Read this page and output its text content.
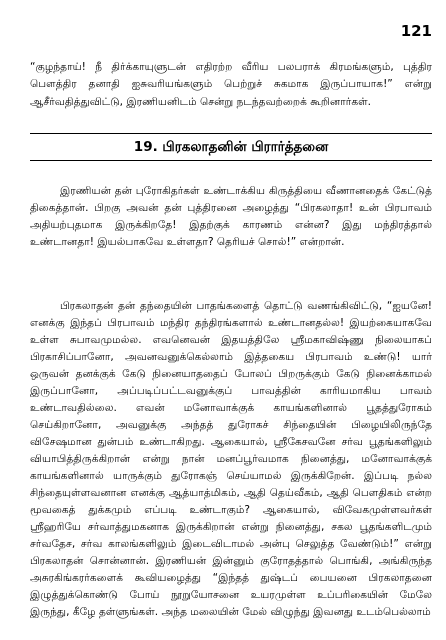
121

“குழந்தாய்! நீ திர்க்காயுளுடன் எதிரற்ற வீரிய பலபராக் கிரமங்களும், புத்திர பௌத்திர தனாதி ஐசுவரியங்களும் பெற்றுச் சுகமாக இருப்பாயாக!” என்று ஆசீர்வதித்துவிட்டு, இரணியனிடம் சென்று நடந்தவற்றைக் கூறினார்கள்.

19. பிரகலாதனின் பிரார்த்தனை

இரணியன் தன் புரோகிதர்கள் உண்டாக்கிய கிருத்தியை வீணானதைக் கேட்டுத் திகைத்தான். பிறகு அவன் தன் புத்திரனை அழைத்து “பிரகலாதா! உன் பிரபாவம் அதியற்புதமாக இருக்கிறதே! இதற்குக் காரணம் என்ன? இது மந்திரத்தால் உண்டானதா! இயல்பாகவே உள்ளதா? தெரியச் சொல்!” என்றான்.

பிரகலாதன் தன் தந்தையின் பாதங்களைத் தொட்டு வணங்கிவிட்டு, “ஐயனே! எனக்கு இந்தப் பிரபாவம் மந்திர தந்திரங்களால் உண்டானதல்ல! இயற்கையாகவே உள்ள சுபாவமுமல்ல. எவனெவன் இதயத்திலே ஸ்ரீமகாவிஷ்ணு நிலையாகப் பிரகாசிப்பானோ, அவனவனுக்கெல்லாம் இத்தகைய பிரபாவம் உண்டு! யார் ஒருவன் தனக்குக் கேடு நினையாததைப் போலப் பிறருக்கும் கேடு நினைக்காமல் இருப்பானோ, அப்படிப்பட்டவனுக்குப் பாவத்தின் காரியமாகிய பாவம் உண்டாவதில்லை. எவன் மனோவாக்குக் காயங்களினால் பூதத்துரோகம் செய்கிறானோ, அவனுக்கு அந்தத் துரோகச் சிந்தையின் பிழையிலிருந்தே விசேஷமான துன்பம் உண்டாகிறது. ஆகையால், ஸ்ரீகேசவனே சர்வ பூதங்களிலும் வியாபித்திருக்கிறான் என்று நான் மனப்பூர்வமாக நினைத்து, மனோவாக்குக் காயங்களினால் யாருக்கும் துரோகஞ் செய்யாமல் இருக்கிறேன். இப்படி நல்ல சிந்தையுள்ளவனான எனக்கு ஆத்யாத்மிகம், ஆதி தெய்வீகம், ஆதி பௌதிகம் என்ற மூவகைத் துக்கமும் எப்படி உண்டாகும்? ஆகையால், விவேகமுள்ளவர்கள் ஸ்ரீஹரியே சர்வாத்துமகனாக இருக்கிறான் என்று நினைத்து, சகல பூதங்களிடமும் சர்வதேச, சர்வ காலங்களிலும் இடைவிடாமல் அன்பு செலுத்த வேண்டும்!” என்று பிரகலாதன் சொன்னான். இரணியன் இன்னும் குரோதத்தால் பொங்கி, அங்கிருந்த அசுரகிங்கரர்களைக் கூவியழைத்து “இந்தத் துஷ்டப் பையனை பிரகலாதனை இழுத்துக்கொண்டு போய் நூறுயோசனை உயரமுள்ள உப்பரிகையின் மேலே இருந்து, கீழே தள்ளுங்கள். அந்த மலையின் மேல் விழுந்து இவனது உடம்பெல்லாம்
